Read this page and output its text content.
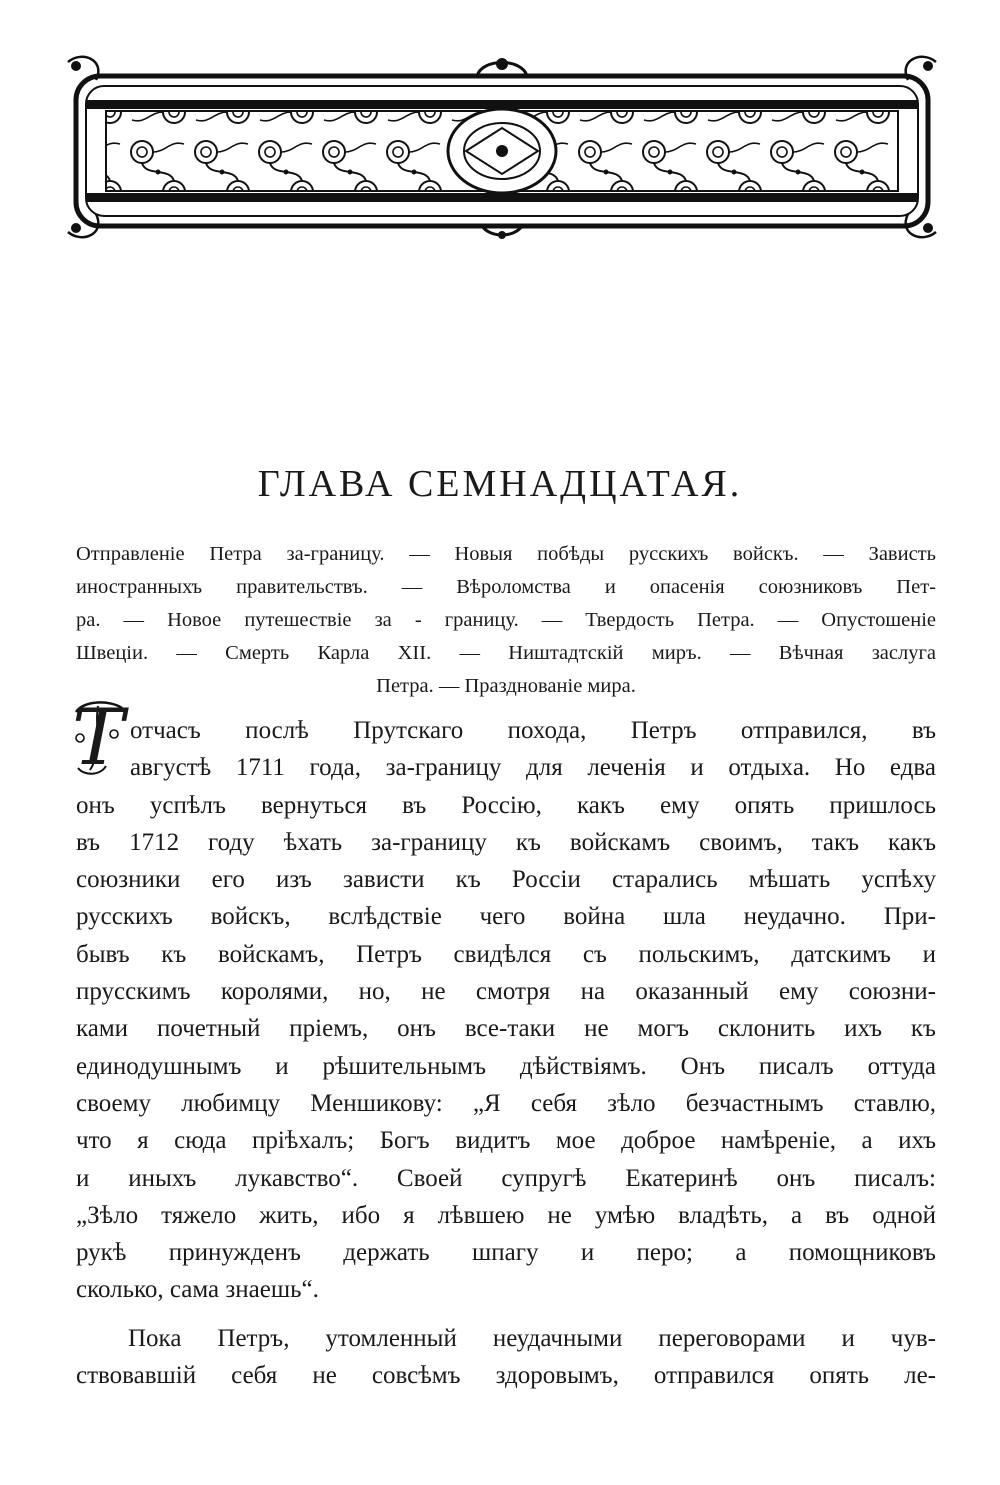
ГЛАВА СЕМНАДЦАТАЯ.
Отправленіе Петра за-границу. — Новыя побѣды русскихъ войскъ. — Зависть
иностранныхъ правительствъ. — Вѣроломства и опасенія союзниковъ Пет-
ра. — Новое путешествіе за - границу. — Твердость Петра. — Опустошеніе
Швеціи. — Смерть Карла XII. — Ништадтскій миръ. — Вѣчная заслуга
Петра. — Празднованіе мира.
Т отчасъ послѣ Прутскаго похода, Петръ отправился, въ
августѣ 1711 года, за-границу для леченія и отдыха. Но едва
онъ успѣлъ вернуться въ Россію, какъ ему опять пришлось
въ 1712 году ѣхать за-границу къ войскамъ своимъ, такъ какъ
союзники его изъ зависти къ Россіи старались мѣшать успѣху
русскихъ войскъ, вслѣдствіе чего война шла неудачно. При-
бывъ къ войскамъ, Петръ свидѣлся съ польскимъ, датскимъ и
прусскимъ королями, но, не смотря на оказанный ему союзни-
ками почетный пріемъ, онъ все-таки не могъ склонить ихъ къ
единодушнымъ и рѣшительнымъ дѣйствіямъ. Онъ писалъ оттуда
своему любимцу Меншикову: „Я себя зѣло безчастнымъ ставлю,
что я сюда пріѣхалъ; Богъ видитъ мое доброе намѣреніе, а ихъ
и иныхъ лукавство“. Своей супругѣ Екатеринѣ онъ писалъ:
„Зѣло тяжело жить, ибо я лѣвшею не умѣю владѣть, а въ одной
рукѣ принужденъ держать шпагу и перо; а помощниковъ
сколько, сама знаешь“.
Пока Петръ, утомленный неудачными переговорами и чув-
ствовавшій себя не совсѣмъ здоровымъ, отправился опять ле-
